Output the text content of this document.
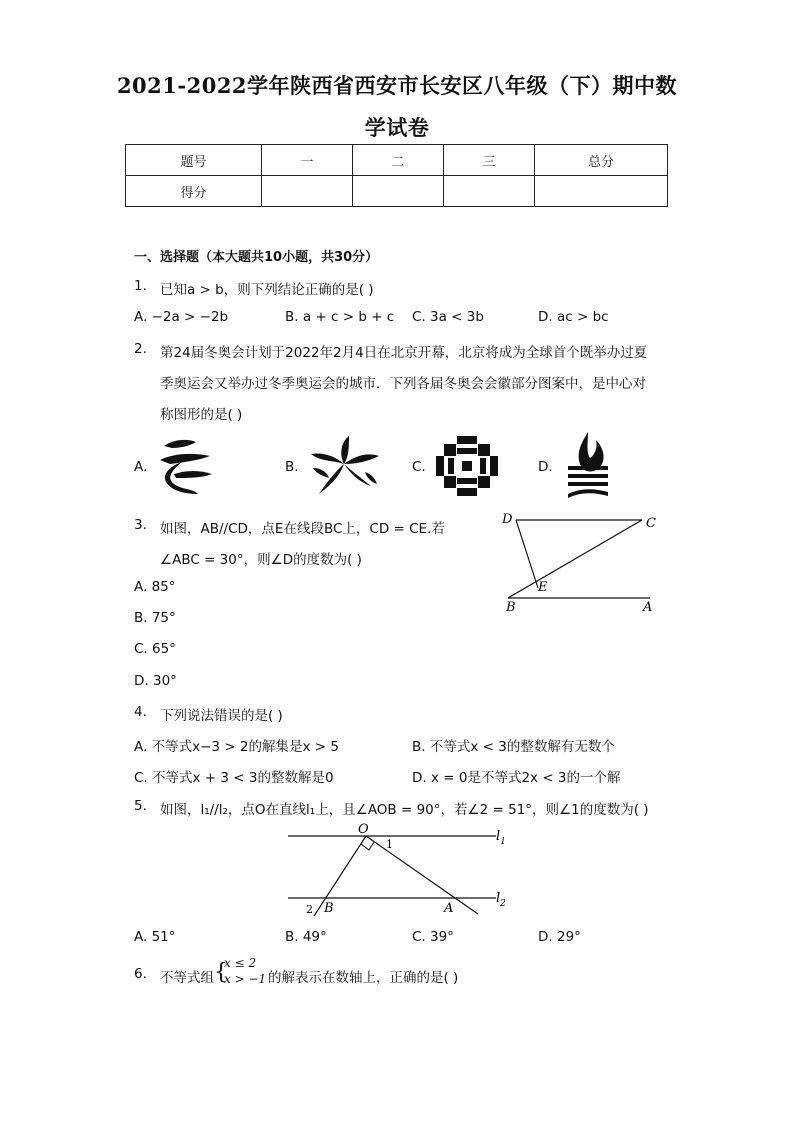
2021-2022学年陕西省西安市长安区八年级（下）期中数
学试卷
题号	一	二	三	总分
得分				
一、选择题（本大题共10小题，共30分）
1. 已知a > b，则下列结论正确的是( )
A. −2a > −2b	B. a + c > b + c C. 3a < 3b	D. ac > bc
2. 第24届冬奥会计划于2022年2月4日在北京开幕，北京将成为全球首个既举办过夏
季奥运会又举办过冬季奥运会的城市．下列各届冬奥会会徽部分图案中，是中心对
称图形的是( )
A.	B.	C.	D.
3. 如图，AB//CD，点E在线段BC上，CD = CE.若
∠ABC = 30°，则∠D的度数为( )
A. 85°
B. 75°
C. 65°
D. 30°
D	C
E
B	A
4. 下列说法错误的是( )
A. 不等式x−3 > 2的解集是x > 5	B. 不等式x < 3的整数解有无数个
C. 不等式x + 3 < 3的整数解是0	D. x = 0是不等式2x < 3的一个解
5. 如图，l₁//l₂，点O在直线l₁上，且∠AOB = 90°，若∠2 = 51°，则∠1的度数为( )
O
1
$l_1$
$l_2$
2 B	A
A. 51°	B. 49°	C. 39°	D. 29°
6. 不等式组 {
x ≤ 2
x > −1 的解表示在数轴上，正确的是( )
